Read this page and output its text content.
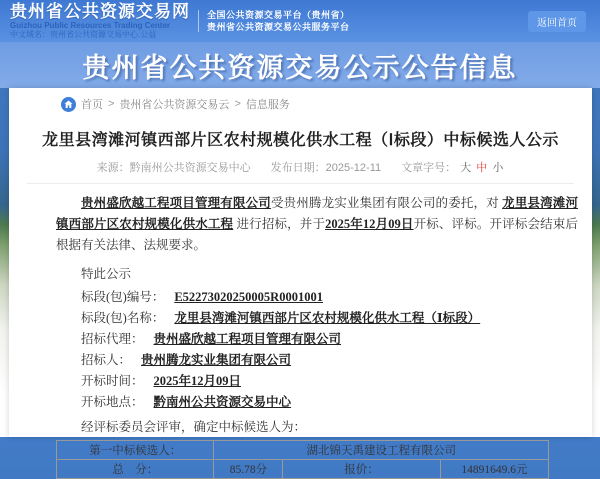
贵州省公共资源交易网
Guizhou Public Resources Trading Center
中文域名：贵州省公共资源交易中心.公益
全国公共资源交易平台（贵州省）
贵州省公共资源交易公共服务平台	返回首页
贵州省公共资源交易公示公告信息
首页 > 贵州省公共资源交易云 > 信息服务
龙里县湾滩河镇西部片区农村规模化供水工程（Ⅰ标段）中标候选人公示
来源：黔南州公共资源交易中心 发布日期：2025-12-11 文章字号： 大 中 小
贵州盛欣越工程项目管理有限公司受贵州腾龙实业集团有限公司的委托，对 龙里县湾滩河镇西部片区农村规模化供水工程 进行招标，并于2025年12月09日开标、评标。开评标会结束后根据有关法律、法规要求。
特此公示
标段(包)编号： E52273020250005R0001001
标段(包)名称： 龙里县湾滩河镇西部片区农村规模化供水工程（Ⅰ标段）
招标代理： 贵州盛欣越工程项目管理有限公司
招标人： 贵州腾龙实业集团有限公司
开标时间： 2025年12月09日
开标地点： 黔南州公共资源交易中心
经评标委员会评审，确定中标候选人为：
第一中标候选人：	湖北锦天禹建设工程有限公司		
总　分：	85.78分	报价：	14891649.6元
